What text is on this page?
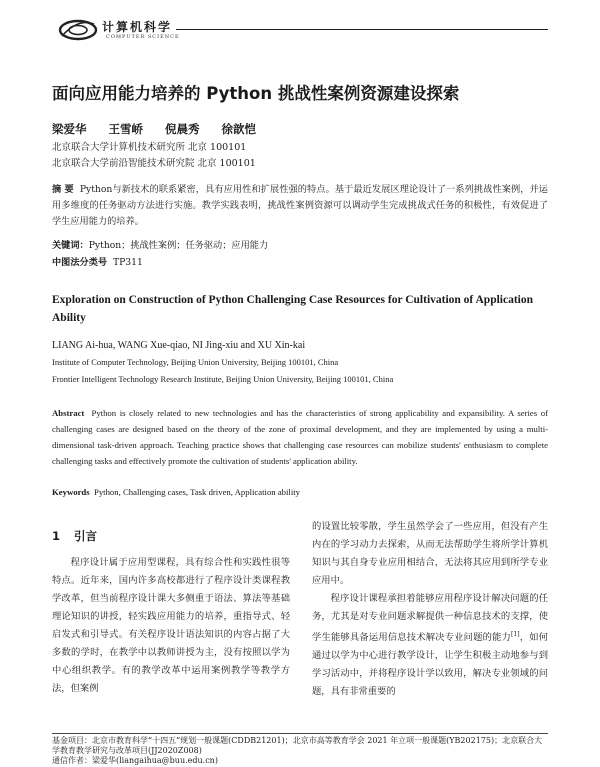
计算机科学
COMPUTER SCIENCE
面向应用能力培养的 Python 挑战性案例资源建设探索
梁爱华 王雪峤 倪晨秀 徐歆恺
北京联合大学计算机技术研究所 北京 100101
北京联合大学前沿智能技术研究院 北京 100101
摘 要 Python与新技术的联系紧密，具有应用性和扩展性强的特点。基于最近发展区理论设计了一系列挑战性案例，并运用多维度的任务驱动方法进行实施。教学实践表明，挑战性案例资源可以调动学生完成挑战式任务的积极性，有效促进了学生应用能力的培养。
关键词：Python；挑战性案例；任务驱动；应用能力
中图法分类号 TP311
Exploration on Construction of Python Challenging Case Resources for Cultivation of Application Ability
LIANG Ai-hua, WANG Xue-qiao, NI Jing-xiu and XU Xin-kai
Institute of Computer Technology, Beijing Union University, Beijing 100101, China
Frontier Intelligent Technology Research Institute, Beijing Union University, Beijing 100101, China
Abstract Python is closely related to new technologies and has the characteristics of strong applicability and expansibility. A series of challenging cases are designed based on the theory of the zone of proximal development, and they are implemented by using a multi-dimensional task-driven approach. Teaching practice shows that challenging case resources can mobilize students' enthusiasm to complete challenging tasks and effectively promote the cultivation of students' application ability.
Keywords Python, Challenging cases, Task driven, Application ability
1 引言
程序设计属于应用型课程，具有综合性和实践性很等特点。近年来，国内许多高校都进行了程序设计类课程教学改革，但当前程序设计课大多侧重于语法、算法等基础理论知识的讲授，轻实践应用能力的培养，重指导式、轻启发式和引导式。有关程序设计语法知识的内容占据了大多数的学时，在教学中以教师讲授为主，没有按照以学为中心组织教学。有的教学改革中运用案例教学等教学方法，但案例

的设置比较零散，学生虽然学会了一些应用，但没有产生内在的学习动力去探索，从而无法帮助学生将所学计算机知识与其自身专业应用相结合，无法将其应用到所学专业应用中。

程序设计课程承担着能够应用程序设计解决问题的任务，尤其是对专业问题求解提供一种信息技术的支撑，使学生能够具备运用信息技术解决专业问题的能力[1]，如何通过以学为中心进行教学设计，让学生积极主动地参与到学习活动中，并将程序设计学以致用，解决专业领域的问题，具有非常重要的

基金项目：北京市教育科学“十四五”规划一般课题(CDDB21201)；北京市高等教育学会 2021 年立项一般课题(YB202175)；北京联合大
学教育教学研究与改革项目(JJ2020Z008)
通信作者：梁爱华(liangaihua@buu.edu.cn)
